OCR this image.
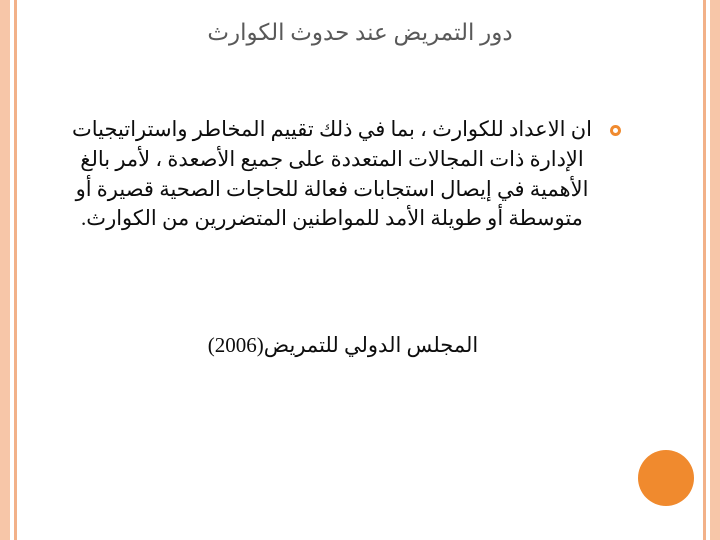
دور التمريض عند حدوث الكوارث
ان الاعداد للكوارث ، بما في ذلك تقييم المخاطر واستراتيجيات الإدارة ذات المجالات المتعددة على جميع الأصعدة ، لأمر بالغ الأهمية في إيصال استجابات فعالة للحاجات الصحية قصيرة أو متوسطة أو طويلة الأمد للمواطنين المتضررين من الكوارث.
المجلس الدولي للتمريض(2006)
